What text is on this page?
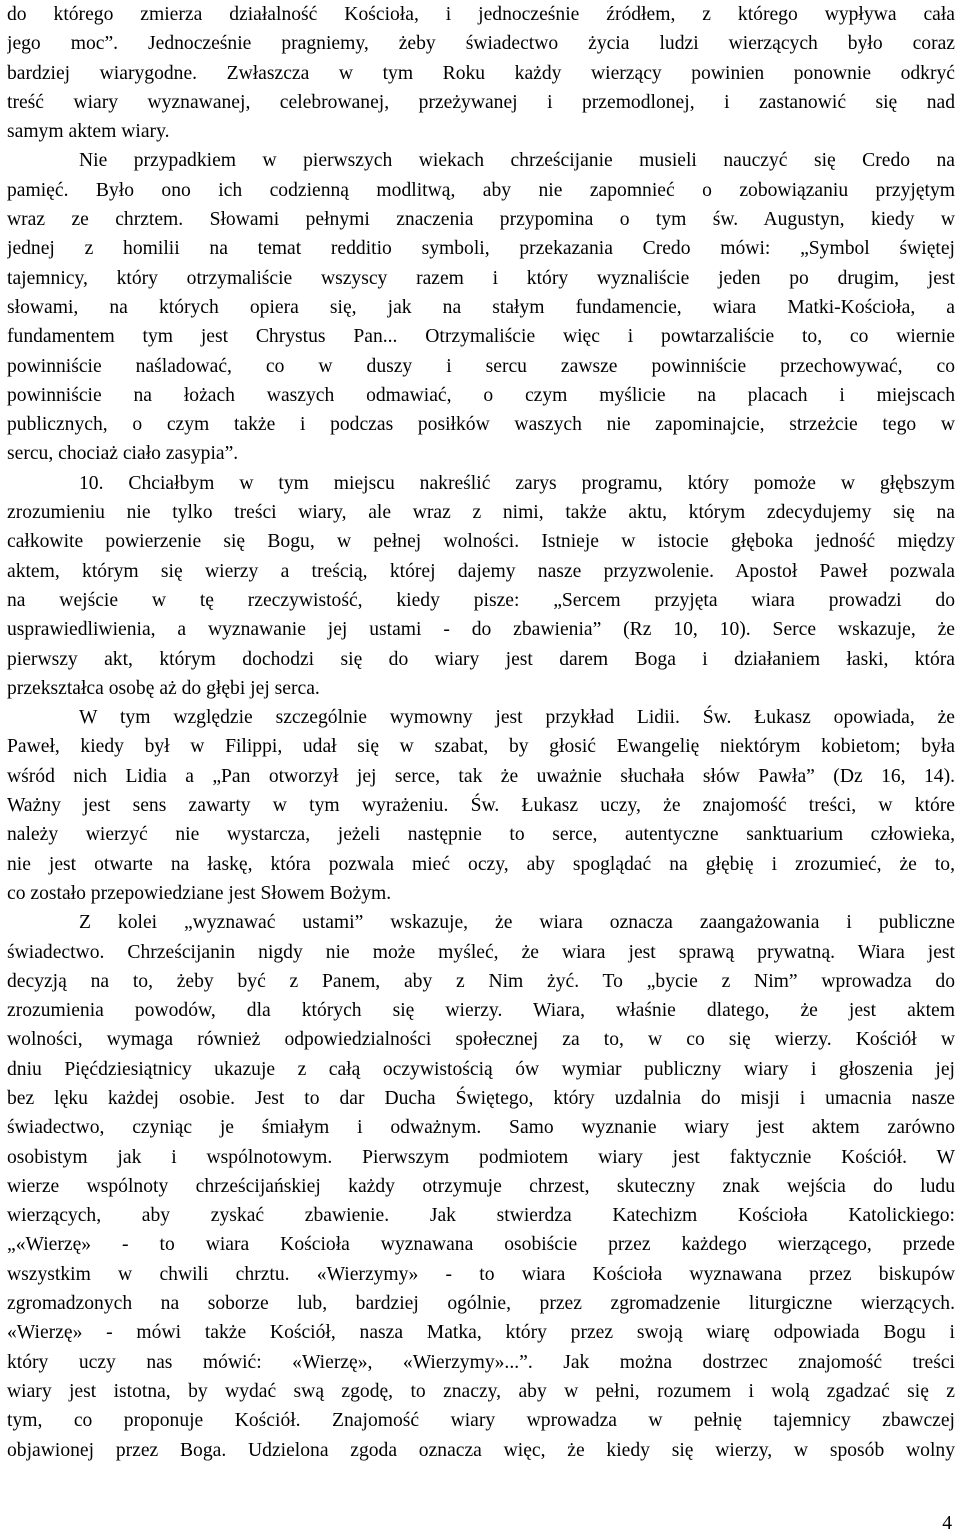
do którego zmierza działalność Kościoła, i jednocześnie źródłem, z którego wypływa cała
jego moc”. Jednocześnie pragniemy, żeby świadectwo życia ludzi wierzących było coraz
bardziej wiarygodne. Zwłaszcza w tym Roku każdy wierzący powinien ponownie odkryć
treść wiary wyznawanej, celebrowanej, przeżywanej i przemodlonej, i zastanowić się nad
samym aktem wiary.
Nie przypadkiem w pierwszych wiekach chrześcijanie musieli nauczyć się Credo na
pamięć. Było ono ich codzienną modlitwą, aby nie zapomnieć o zobowiązaniu przyjętym
wraz ze chrztem. Słowami pełnymi znaczenia przypomina o tym św. Augustyn, kiedy w
jednej z homilii na temat redditio symboli, przekazania Credo mówi: „Symbol świętej
tajemnicy, który otrzymaliście wszyscy razem i który wyznaliście jeden po drugim, jest
słowami, na których opiera się, jak na stałym fundamencie, wiara Matki-Kościoła, a
fundamentem tym jest Chrystus Pan... Otrzymaliście więc i powtarzaliście to, co wiernie
powinniście naśladować, co w duszy i sercu zawsze powinniście przechowywać, co
powinniście na łożach waszych odmawiać, o czym myślicie na placach i miejscach
publicznych, o czym także i podczas posiłków waszych nie zapominajcie, strzeżcie tego w
sercu, chociaż ciało zasypia”.
10. Chciałbym w tym miejscu nakreślić zarys programu, który pomoże w głębszym
zrozumieniu nie tylko treści wiary, ale wraz z nimi, także aktu, którym zdecydujemy się na
całkowite powierzenie się Bogu, w pełnej wolności. Istnieje w istocie głęboka jedność między
aktem, którym się wierzy a treścią, której dajemy nasze przyzwolenie. Apostoł Paweł pozwala
na wejście w tę rzeczywistość, kiedy pisze: „Sercem przyjęta wiara prowadzi do
usprawiedliwienia, a wyznawanie jej ustami - do zbawienia” (Rz 10, 10). Serce wskazuje, że
pierwszy akt, którym dochodzi się do wiary jest darem Boga i działaniem łaski, która
przekształca osobę aż do głębi jej serca.
W tym względzie szczególnie wymowny jest przykład Lidii. Św. Łukasz opowiada, że
Paweł, kiedy był w Filippi, udał się w szabat, by głosić Ewangelię niektórym kobietom; była
wśród nich Lidia a „Pan otworzył jej serce, tak że uważnie słuchała słów Pawła” (Dz 16, 14).
Ważny jest sens zawarty w tym wyrażeniu. Św. Łukasz uczy, że znajomość treści, w które
należy wierzyć nie wystarcza, jeżeli następnie to serce, autentyczne sanktuarium człowieka,
nie jest otwarte na łaskę, która pozwala mieć oczy, aby spoglądać na głębię i zrozumieć, że to,
co zostało przepowiedziane jest Słowem Bożym.
Z kolei „wyznawać ustami” wskazuje, że wiara oznacza zaangażowania i publiczne
świadectwo. Chrześcijanin nigdy nie może myśleć, że wiara jest sprawą prywatną. Wiara jest
decyzją na to, żeby być z Panem, aby z Nim żyć. To „bycie z Nim” wprowadza do
zrozumienia powodów, dla których się wierzy. Wiara, właśnie dlatego, że jest aktem
wolności, wymaga również odpowiedzialności społecznej za to, w co się wierzy. Kościół w
dniu Pięćdziesiątnicy ukazuje z całą oczywistością ów wymiar publiczny wiary i głoszenia jej
bez lęku każdej osobie. Jest to dar Ducha Świętego, który uzdalnia do misji i umacnia nasze
świadectwo, czyniąc je śmiałym i odważnym. Samo wyznanie wiary jest aktem zarówno
osobistym jak i wspólnotowym. Pierwszym podmiotem wiary jest faktycznie Kościół. W
wierze wspólnoty chrześcijańskiej każdy otrzymuje chrzest, skuteczny znak wejścia do ludu
wierzących, aby zyskać zbawienie. Jak stwierdza Katechizm Kościoła Katolickiego:
„«Wierzę» - to wiara Kościoła wyznawana osobiście przez każdego wierzącego, przede
wszystkim w chwili chrztu. «Wierzymy» - to wiara Kościoła wyznawana przez biskupów
zgromadzonych na soborze lub, bardziej ogólnie, przez zgromadzenie liturgiczne wierzących.
«Wierzę» - mówi także Kościół, nasza Matka, który przez swoją wiarę odpowiada Bogu i
który uczy nas mówić: «Wierzę», «Wierzymy»...”. Jak można dostrzec znajomość treści
wiary jest istotna, by wydać swą zgodę, to znaczy, aby w pełni, rozumem i wolą zgadzać się z
tym, co proponuje Kościół. Znajomość wiary wprowadza w pełnię tajemnicy zbawczej
objawionej przez Boga. Udzielona zgoda oznacza więc, że kiedy się wierzy, w sposób wolny
4
